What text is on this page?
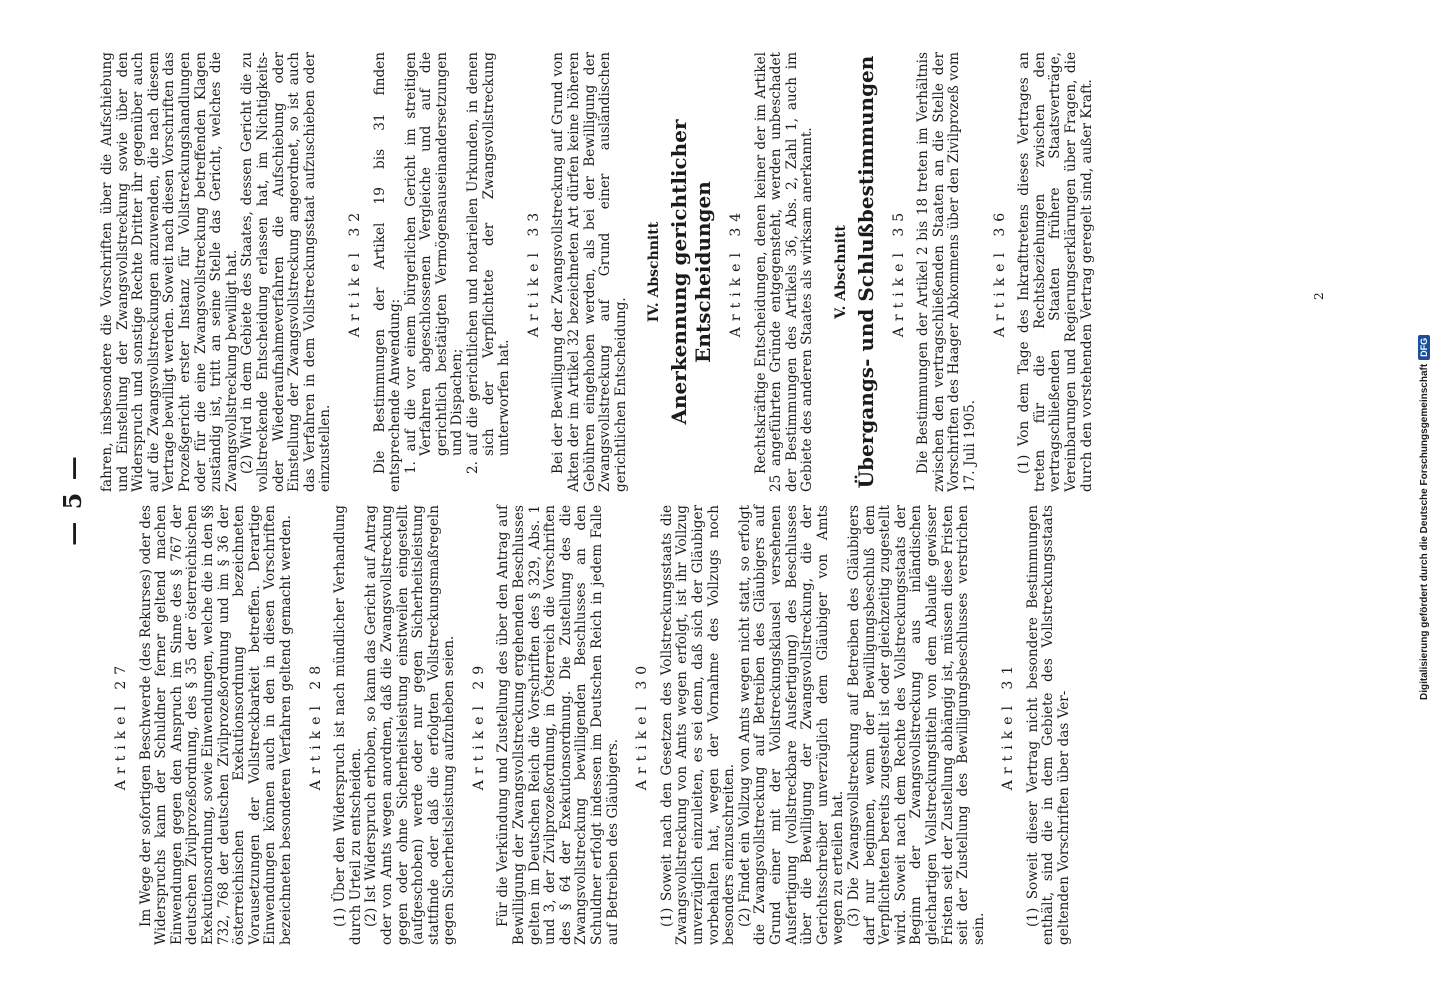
— 5 —
Artikel 27 Im Wege der sofortigen Beschwerde (des Rekurses) oder des Widerspruchs kann der Schuldner ferner geltend machen Einwendungen gegen den Anspruch im Sinne des § 767 der deutschen Zivilprozeßordnung, des § 35 der österreichischen Exekutionsordnung, sowie Einwendungen, welche die in den §§ 732, 768 der deutschen Zivilprozeßordnung und im § 36 der österreichischen Exekutionsordnung bezeichneten Vorausetzungen der Vollstreckbarkeit betreffen. Derartige Einwendungen können auch in den in diesen Vorschriften bezeichneten besonderen Verfahren geltend gemacht werden. Artikel 28 (1) Über den Widerspruch ist nach mündlicher Verhandlung durch Urteil zu entscheiden. (2) Ist Widerspruch erhoben, so kann das Gericht auf Antrag oder von Amts wegen anordnen, daß die Zwangsvollstreckung gegen oder ohne Sicherheitsleistung einstweilen eingestellt (aufgeschoben) werde oder nur gegen Sicherheitsleistung stattfinde oder daß die erfolgten Vollstreckungsmaßregeln gegen Sicherheitsleistung aufzuheben seien. Artikel 29 Für die Verkündung und Zustellung des über den Antrag auf Bewilligung der Zwangsvollstreckung ergehenden Beschlusses gelten im Deutschen Reich die Vorschriften des § 329, Abs. 1 und 3, der Zivilprozeßordnung, in Österreich die Vorschriften des § 64 der Exekutionsordnung. Die Zustellung des die Zwangsvollstreckung bewilligenden Beschlusses an den Schuldner erfolgt indessen im Deutschen Reich in jedem Falle auf Betreiben des Gläubigers.

Artikel 30 (1) Soweit nach den Gesetzen des Vollstreckungsstaats die Zwangsvollstreckung von Amts wegen erfolgt, ist ihr Vollzug unverzüglich einzuleiten, es sei denn, daß sich der Gläubiger vorbehalten hat, wegen der Vornahme des Vollzugs noch besonders einzuschreiten. (2) Findet ein Vollzug von Amts wegen nicht statt, so erfolgt die Zwangsvollstreckung auf Betreiben des Gläubigers auf Grund einer mit der Vollstreckungsklausel versehenen Ausfertigung (vollstreckbare Ausfertigung) des Beschlusses über die Bewilligung der Zwangsvollstreckung, die der Gerichtsschreiber unverzüglich dem Gläubiger von Amts wegen zu erteilen hat. (3) Die Zwangsvollstreckung auf Betreiben des Gläubigers darf nur beginnen, wenn der Bewilligungsbeschluß dem Verpflichteten bereits zugestellt ist oder gleichzeitig zugestellt wird. Soweit nach dem Rechte des Vollstreckungsstaats der Beginn der Zwangsvollstreckung aus inländischen gleichartigen Vollstreckungstiteln von dem Ablaufe gewisser Fristen seit der Zustellung abhängig ist, müssen diese Fristen seit der Zustellung des Bewilligungsbeschlusses verstrichen sein.

Artikel 31 (1) Soweit dieser Vertrag nicht besondere Bestimmungen enthält, sind die in dem Gebiete des Vollstreckungsstaats geltenden Vorschriften über das Ver-

fahren, insbesondere die Vorschriften über die Aufschiebung und Einstellung der Zwangsvollstreckung sowie über den Widerspruch und sonstige Rechte Dritter ihr gegenüber auch auf die Zwangsvollstreckungen anzuwenden, die nach diesem Vertrage bewilligt werden. Soweit nach diesen Vorschriften das Prozeßgericht erster Instanz für Vollstreckungshandlungen oder für die eine Zwangsvollstreckung betreffenden Klagen zuständig ist, tritt an seine Stelle das Gericht, welches die Zwangsvollstreckung bewilligt hat. (2) Wird in dem Gebiete des Staates, dessen Gericht die zu vollstreckende Entscheidung erlassen hat, im Nichtigkeits- oder Wiederaufnahmeverfahren die Aufschiebung oder Einstellung der Zwangsvollstreckung angeordnet, so ist auch das Verfahren in dem Vollstreckungsstaat aufzuschieben oder einzustellen.

Artikel 32 Die Bestimmungen der Artikel 19 bis 31 finden entsprechende Anwendung: 1. auf die vor einem bürgerlichen Gericht im streitigen Verfahren abgeschlossenen Vergleiche und auf die gerichtlich bestätigten Vermögensauseinandersetzungen und Dispachen; 2. auf die gerichtlichen und notariellen Urkunden, in denen sich der Verpflichtete der Zwangsvollstreckung unterworfen hat.

Artikel 33 Bei der Bewilligung der Zwangsvollstreckung auf Grund von Akten der im Artikel 32 bezeichneten Art dürfen keine höheren Gebühren eingehoben werden, als bei der Bewilligung der Zwangsvollstreckung auf Grund einer ausländischen gerichtlichen Entscheidung.

IV. Abschnitt Anerkennung gerichtlicher Entscheidungen Artikel 34 Rechtskräftige Entscheidungen, denen keiner der im Artikel 25 angeführten Gründe entgegensteht, werden unbeschadet der Bestimmungen des Artikels 36, Abs. 2, Zahl 1, auch im Gebiete des anderen Staates als wirksam anerkannt. V. Abschnitt Übergangs- und Schlußbestimmungen Artikel 35 Die Bestimmungen der Artikel 2 bis 18 treten im Verhältnis zwischen den vertragschließenden Staaten an die Stelle der Vorschriften des Haager Abkommens über den Zivilprozeß vom 17. Juli 1905.

Artikel 36 (1) Von dem Tage des Inkrafttretens dieses Vertrages an treten für die Rechtsbeziehungen zwischen den vertragschließenden Staaten frühere Staatsverträge, Vereinbarungen und Regierungserklärungen über Fragen, die durch den vorstehenden Vertrag geregelt sind, außer Kraft.	2
Digitalisierung gefördert durch die Deutsche Forschungsgemeinschaft
DFG
